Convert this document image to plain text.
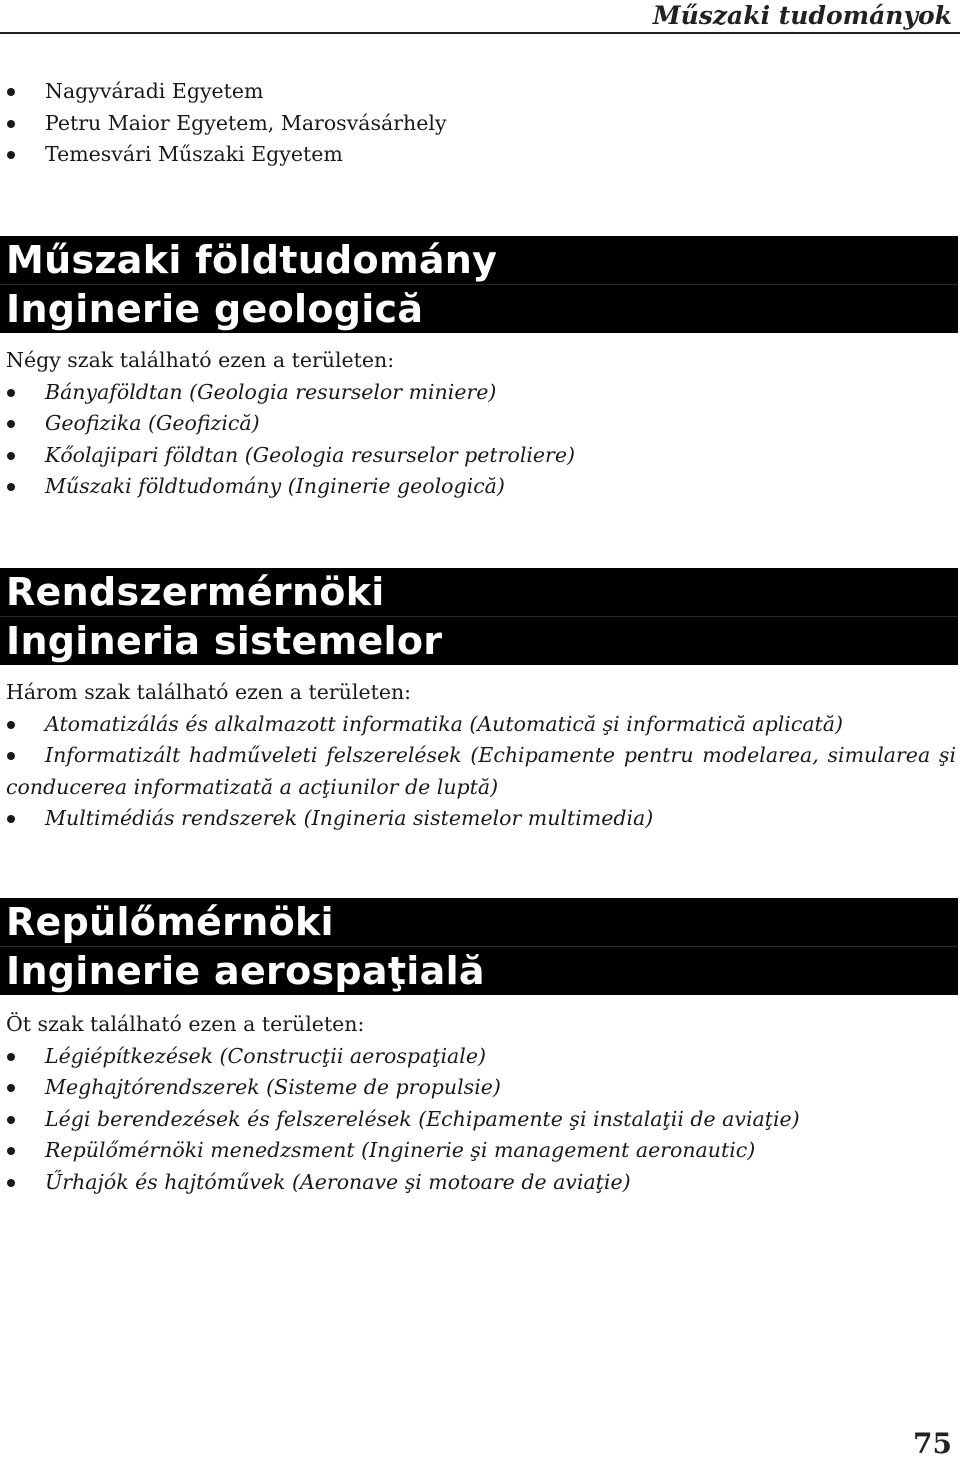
Műszaki tudományok
Nagyváradi Egyetem
Petru Maior Egyetem, Marosvásárhely
Temesvári Műszaki Egyetem
Műszaki földtudomány
Inginerie geologică
Négy szak található ezen a területen:
Bányaföldtan (Geologia resurselor miniere)
Geofizika (Geofizică)
Kőolajipari földtan (Geologia resurselor petroliere)
Műszaki földtudomány (Inginerie geologică)
Rendszermérnöki
Ingineria sistemelor
Három szak található ezen a területen:
Atomatizálás és alkalmazott informatika (Automatică şi informatică aplicată)
Informatizált hadműveleti felszerelések (Echipamente pentru modelarea, simularea şi conducerea informatizată a acţiunilor de luptă)
Multimédiás rendszerek (Ingineria sistemelor multimedia)
Repülőmérnöki
Inginerie aerospaţială
Öt szak található ezen a területen:
Légiépítkezések (Construcţii aerospaţiale)
Meghajtórendszerek (Sisteme de propulsie)
Légi berendezések és felszerelések (Echipamente şi instalaţii de aviaţie)
Repülőmérnöki menedzsment (Inginerie şi management aeronautic)
Űrhajók és hajtóművek (Aeronave şi motoare de aviaţie)
75
